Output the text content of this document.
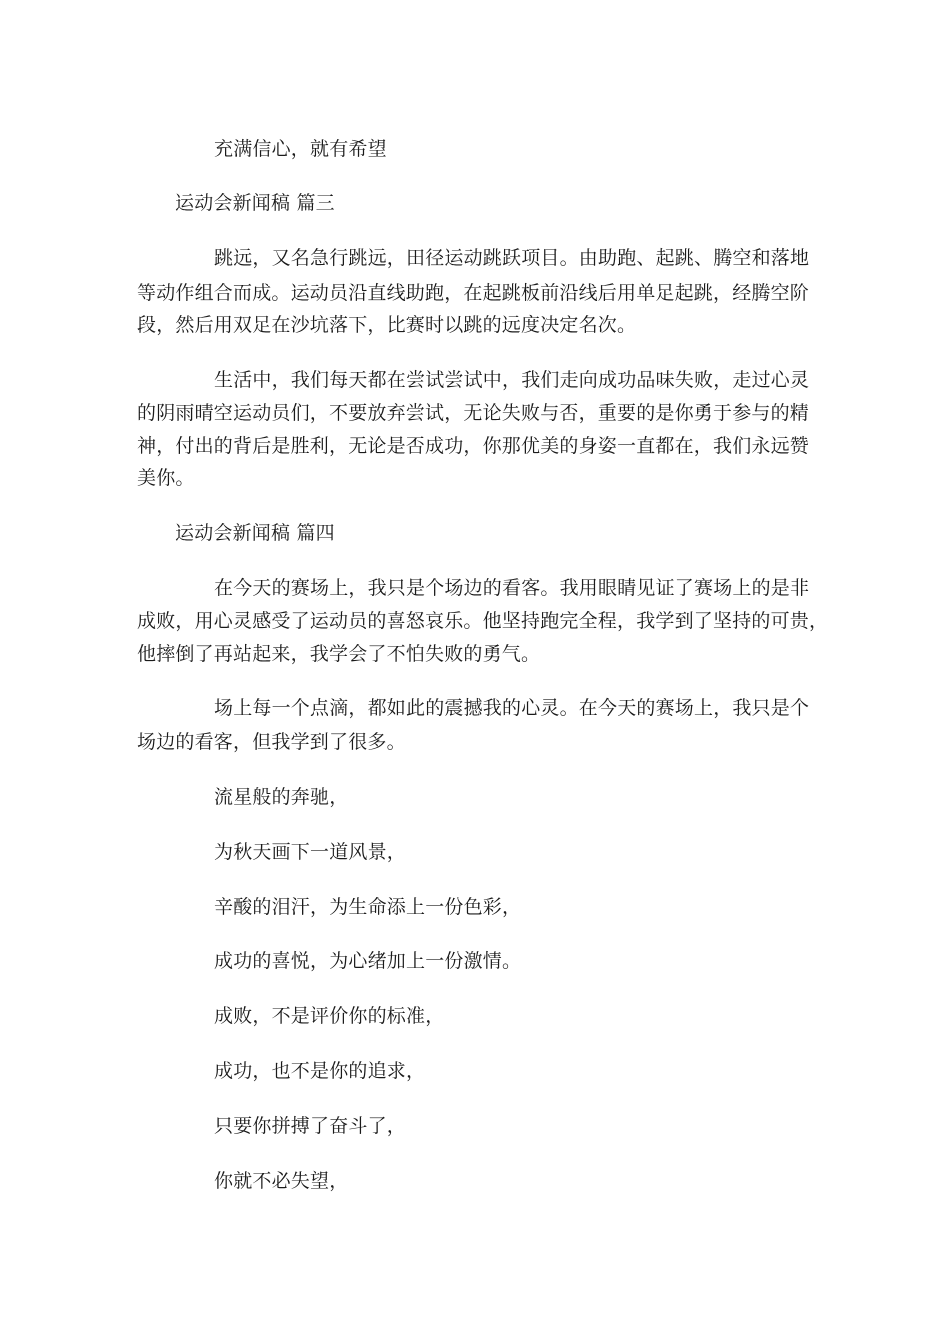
充满信心，就有希望
运动会新闻稿 篇三
跳远，又名急行跳远，田径运动跳跃项目。由助跑、起跳、腾空和落地
等动作组合而成。运动员沿直线助跑，在起跳板前沿线后用单足起跳，经腾空阶
段，然后用双足在沙坑落下，比赛时以跳的远度决定名次。
生活中，我们每天都在尝试尝试中，我们走向成功品味失败，走过心灵
的阴雨晴空运动员们，不要放弃尝试，无论失败与否，重要的是你勇于参与的精
神，付出的背后是胜利，无论是否成功，你那优美的身姿一直都在，我们永远赞
美你。
运动会新闻稿 篇四
在今天的赛场上，我只是个场边的看客。我用眼睛见证了赛场上的是非
成败，用心灵感受了运动员的喜怒哀乐。他坚持跑完全程，我学到了坚持的可贵，
他摔倒了再站起来，我学会了不怕失败的勇气。
场上每一个点滴，都如此的震撼我的心灵。在今天的赛场上，我只是个
场边的看客，但我学到了很多。
流星般的奔驰，
为秋天画下一道风景，
辛酸的泪汗，为生命添上一份色彩，
成功的喜悦，为心绪加上一份激情。
成败，不是评价你的标准，
成功，也不是你的追求，
只要你拼搏了奋斗了，
你就不必失望，
